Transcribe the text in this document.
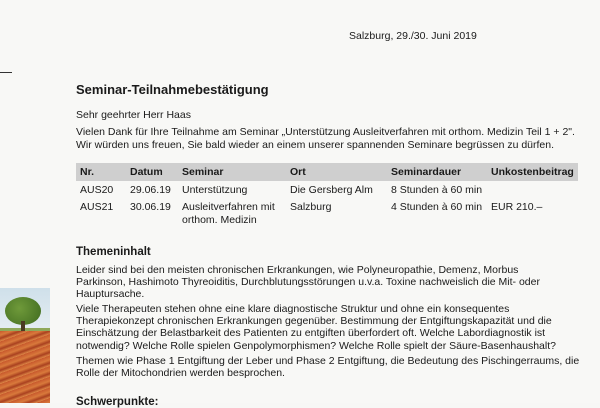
Salzburg, 29./30. Juni 2019
Seminar-Teilnahmebestätigung
Sehr geehrter Herr Haas
Vielen Dank für Ihre Teilnahme am Seminar „Unterstützung Ausleitverfahren mit orthom. Medizin Teil 1 + 2".
Wir würden uns freuen, Sie bald wieder an einem unserer spannenden Seminare begrüssen zu dürfen.
Nr.	Datum	Seminar	Ort	Seminardauer	Unkostenbeitrag
AUS20	29.06.19	Unterstützung	Die Gersberg Alm	8 Stunden à 60 min	
AUS21	30.06.19	Ausleitverfahren mit orthom. Medizin	Salzburg	4 Stunden à 60 min	EUR 210.–
Themeninhalt
Leider sind bei den meisten chronischen Erkrankungen, wie Polyneuropathie, Demenz, Morbus
Parkinson, Hashimoto Thyreoiditis, Durchblutungsstörungen u.v.a. Toxine nachweislich die Mit- oder
Hauptursache.
Viele Therapeuten stehen ohne eine klare diagnostische Struktur und ohne ein konsequentes
Therapiekonzept chronischen Erkrankungen gegenüber. Bestimmung der Entgiftungskapazität und die
Einschätzung der Belastbarkeit des Patienten zu entgiften überfordert oft. Welche Labordiagnostik ist
notwendig? Welche Rolle spielen Genpolymorphismen? Welche Rolle spielt der Säure-Basenhaushalt?
Themen wie Phase 1 Entgiftung der Leber und Phase 2 Entgiftung, die Bedeutung des Pischingerraums, die
Rolle der Mitochondrien werden besprochen.
Schwerpunkte:
